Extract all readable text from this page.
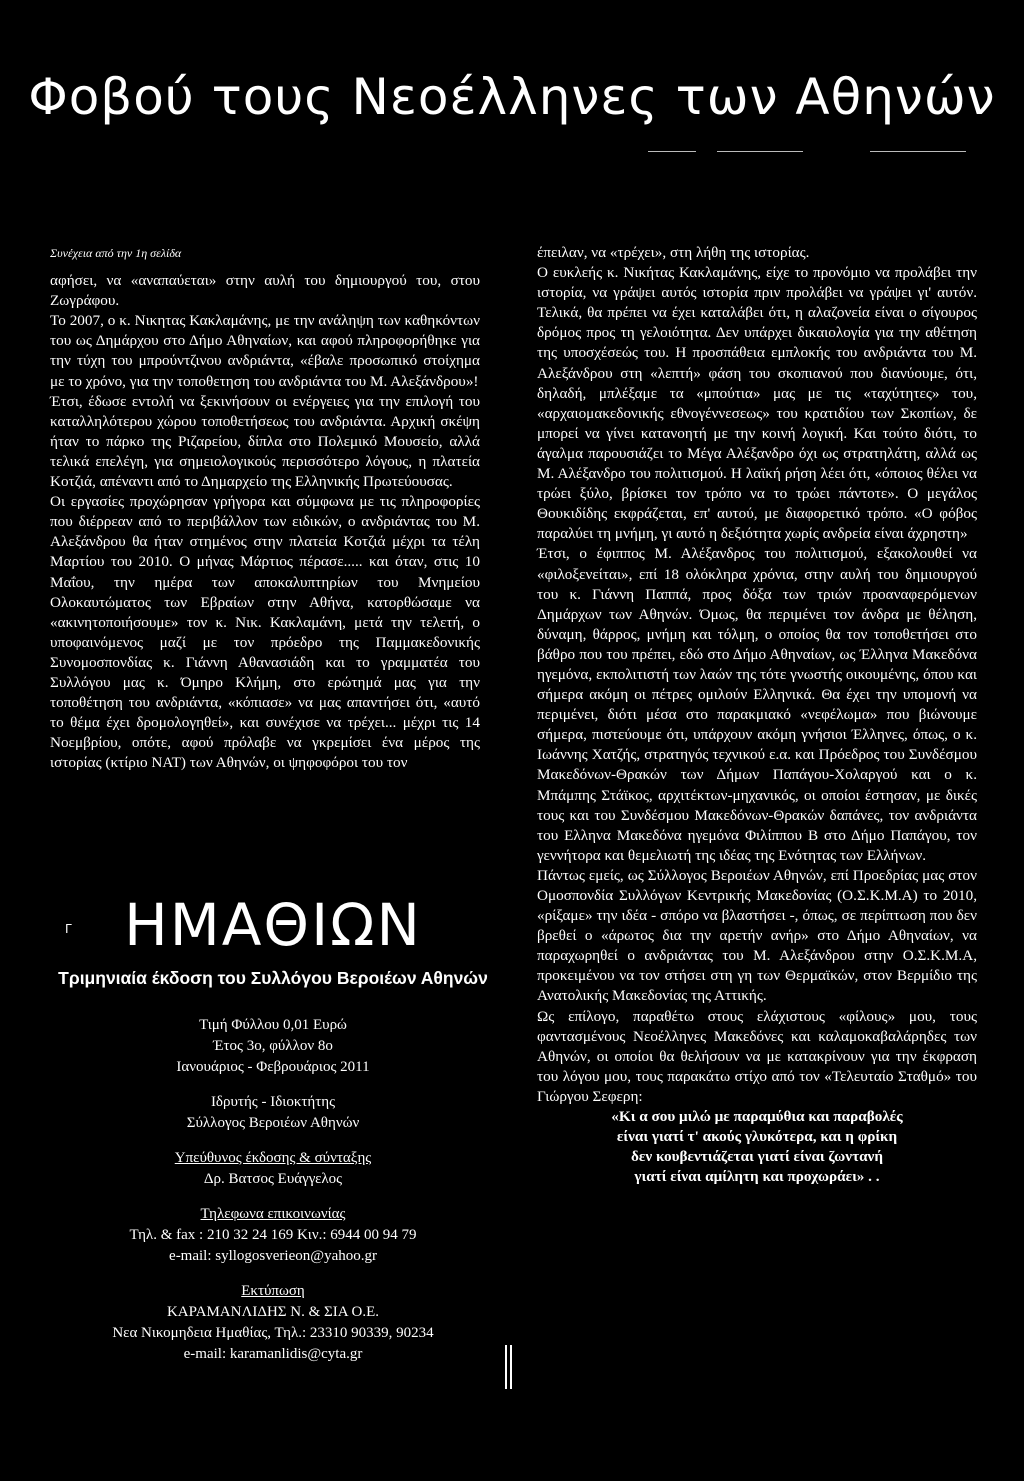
Φοβού τους Νεοέλληνες των Αθηνών

Συνέχεια από την 1η σελίδα

αφήσει, να «αναπαύεται» στην αυλή του δημιουργού του, στου Ζωγράφου.

Το 2007, ο κ. Νικητας Κακλαμάνης, με την ανάληψη των καθηκόντων του ως Δημάρχου στο Δήμο Αθηναίων, και αφού πληροφορήθηκε για την τύχη του μπρούντζινου ανδριάντα, «έβαλε προσωπικό στοίχημα με το χρόνο, για την τοποθετηση του ανδριάντα του Μ. Αλεξάνδρου»!

Έτσι, έδωσε εντολή να ξεκινήσουν οι ενέργειες για την επιλογή του καταλληλότερου χώρου τοποθετήσεως του ανδριάντα. Αρχική σκέψη ήταν το πάρκο της Ριζαρείου, δίπλα στο Πολεμικό Μουσείο, αλλά τελικά επελέγη, για σημειολογικούς περισσότερο λόγους, η πλατεία Κοτζιά, απέναντι από το Δημαρχείο της Ελληνικής Πρωτεύουσας.

Οι εργασίες προχώρησαν γρήγορα και σύμφωνα με τις πληροφορίες που διέρρεαν από το περιβάλλον των ειδικών, ο ανδριάντας του Μ. Αλεξάνδρου θα ήταν στημένος στην πλατεία Κοτζιά μέχρι τα τέλη Μαρτίου του 2010. Ο μήνας Μάρτιος πέρασε..... και όταν, στις 10 Μαΐου, την ημέρα των αποκαλυπτηρίων του Μνημείου Ολοκαυτώματος των Εβραίων στην Αθήνα, κατορθώσαμε να «ακινητοποιήσουμε» τον κ. Νικ. Κακλαμάνη, μετά την τελετή, ο υποφαινόμενος μαζί με τον πρόεδρο της Παμμακεδονικής Συνομοσπονδίας κ. Γιάννη Αθανασιάδη και το γραμματέα του Συλλόγου μας κ. Όμηρο Κλήμη, στο ερώτημά μας για την τοποθέτηση του ανδριάντα, «κόπιασε» να μας απαντήσει ότι, «αυτό το θέμα έχει δρομολογηθεί», και συνέχισε να τρέχει... μέχρι τις 14 Νοεμβρίου, οπότε, αφού πρόλαβε να γκρεμίσει ένα μέρος της ιστορίας (κτίριο ΝΑΤ) των Αθηνών, οι ψηφοφόροι του τον

έπειλαν, να «τρέχει», στη λήθη της ιστορίας.

Ο ευκλεής κ. Νικήτας Κακλαμάνης, είχε το προνόμιο να προλάβει την ιστορία, να γράψει αυτός ιστορία πριν προλάβει να γράψει γι' αυτόν. Τελικά, θα πρέπει να έχει καταλάβει ότι, η αλαζονεία είναι ο σίγουρος δρόμος προς τη γελοιότητα. Δεν υπάρχει δικαιολογία για την αθέτηση της υποσχέσεώς του. Η προσπάθεια εμπλοκής του ανδριάντα του Μ. Αλεξάνδρου στη «λεπτή» φάση του σκοπιανού που διανύουμε, ότι, δηλαδή, μπλέξαμε τα «μπούτια» μας με τις «ταχύτητες» του, «αρχαιομακεδονικής εθνογέννεσεως» του κρατιδίου των Σκοπίων, δε μπορεί να γίνει κατανοητή με την κοινή λογική. Και τούτο διότι, το άγαλμα παρουσιάζει το Μέγα Αλέξανδρο όχι ως στρατηλάτη, αλλά ως Μ. Αλέξανδρο του πολιτισμού. Η λαϊκή ρήση λέει ότι, «όποιος θέλει να τρώει ξύλο, βρίσκει τον τρόπο να το τρώει πάντοτε». Ο μεγάλος Θουκιδίδης εκφράζεται, επ' αυτού, με διαφορετικό τρόπο. «Ο φόβος παραλύει τη μνήμη, γι αυτό η δεξιότητα χωρίς ανδρεία είναι άχρηστη»

Έτσι, ο έφιππος Μ. Αλέξανδρος του πολιτισμού, εξακολουθεί να «φιλοξενείται», επί 18 ολόκληρα χρόνια, στην αυλή του δημιουργού του κ. Γιάννη Παππά, προς δόξα των τριών προαναφερόμενων Δημάρχων των Αθηνών. Όμως, θα περιμένει τον άνδρα με θέληση, δύναμη, θάρρος, μνήμη και τόλμη, ο οποίος θα τον τοποθετήσει στο βάθρο που του πρέπει, εδώ στο Δήμο Αθηναίων, ως Έλληνα Μακεδόνα ηγεμόνα, εκπολιτιστή των λαών της τότε γνωστής οικουμένης, όπου και σήμερα ακόμη οι πέτρες ομιλούν Ελληνικά. Θα έχει την υπομονή να περιμένει, διότι μέσα στο παρακμιακό «νεφέλωμα» που βιώνουμε σήμερα, πιστεύουμε ότι, υπάρχουν ακόμη γνήσιοι Έλληνες, όπως, ο κ. Ιωάννης Χατζής, στρατηγός τεχνικού ε.α. και Πρόεδρος του Συνδέσμου Μακεδόνων-Θρακών των Δήμων Παπάγου-Χολαργού και ο κ. Μπάμπης Στάϊκος, αρχιτέκτων-μηχανικός, οι οποίοι έστησαν, με δικές τους και του Συνδέσμου Μακεδόνων-Θρακών δαπάνες, τον ανδριάντα του Ελληνα Μακεδόνα ηγεμόνα Φιλίππου Β στο Δήμο Παπάγου, τον γεννήτορα και θεμελιωτή της ιδέας της Ενότητας των Ελλήνων.

Πάντως εμείς, ως Σύλλογος Βεροιέων Αθηνών, επί Προεδρίας μας στον Ομοσπονδία Συλλόγων Κεντρικής Μακεδονίας (Ο.Σ.Κ.Μ.Α) το 2010, «ρίξαμε» την ιδέα - σπόρο να βλαστήσει -, όπως, σε περίπτωση που δεν βρεθεί ο «άρωτος δια την αρετήν ανήρ» στο Δήμο Αθηναίων, να παραχωρηθεί ο ανδριάντας του Μ. Αλεξάνδρου στην Ο.Σ.Κ.Μ.Α, προκειμένου να τον στήσει στη γη των Θερμαϊκών, στον Βερμίδιο της Ανατολικής Μακεδονίας της Αττικής.

Ως επίλογο, παραθέτω στους ελάχιστους «φίλους» μου, τους φαντασμένους Νεοέλληνες Μακεδόνες και καλαμοκαβαλάρηδες των Αθηνών, οι οποίοι θα θελήσουν να με κατακρίνουν για την έκφραση του λόγου μου, τους παρακάτω στίχο από τον «Τελευταίο Σταθμό» του Γιώργου Σεφερη:

«Κι α σου μιλώ με παραμύθια και παραβολές

είναι γιατί τ' ακούς γλυκότερα, και η φρίκη

δεν κουβεντιάζεται γιατί είναι ζωντανή

γιατί είναι αμίλητη και προχωράει» . .

Γ ΗΜΑΘΙΩΝ
Τριμηνιαία έκδοση του Συλλόγου Βεροιέων Αθηνών
Τιμή Φύλλου 0,01 Ευρώ
Έτος 3ο, φύλλον 8ο
Ιανουάριος - Φεβρουάριος 2011
Ιδρυτής - Ιδιοκτήτης
Σύλλογος Βεροιέων Αθηνών
Υπεύθυνος έκδοσης & σύνταξης
Δρ. Βατσος Ευάγγελος
Τηλεφωνα επικοινωνίας
Τηλ. & fax : 210 32 24 169 Κιν.: 6944 00 94 79
e-mail: syllogosverieon@yahoo.gr
Εκτύπωση
ΚΑΡΑΜΑΝΛΙΔΗΣ Ν. & ΣΙΑ Ο.Ε.
Νεα Νικομηδεια Ημαθίας, Τηλ.: 23310 90339, 90234
e-mail: karamanlidis@cyta.gr
